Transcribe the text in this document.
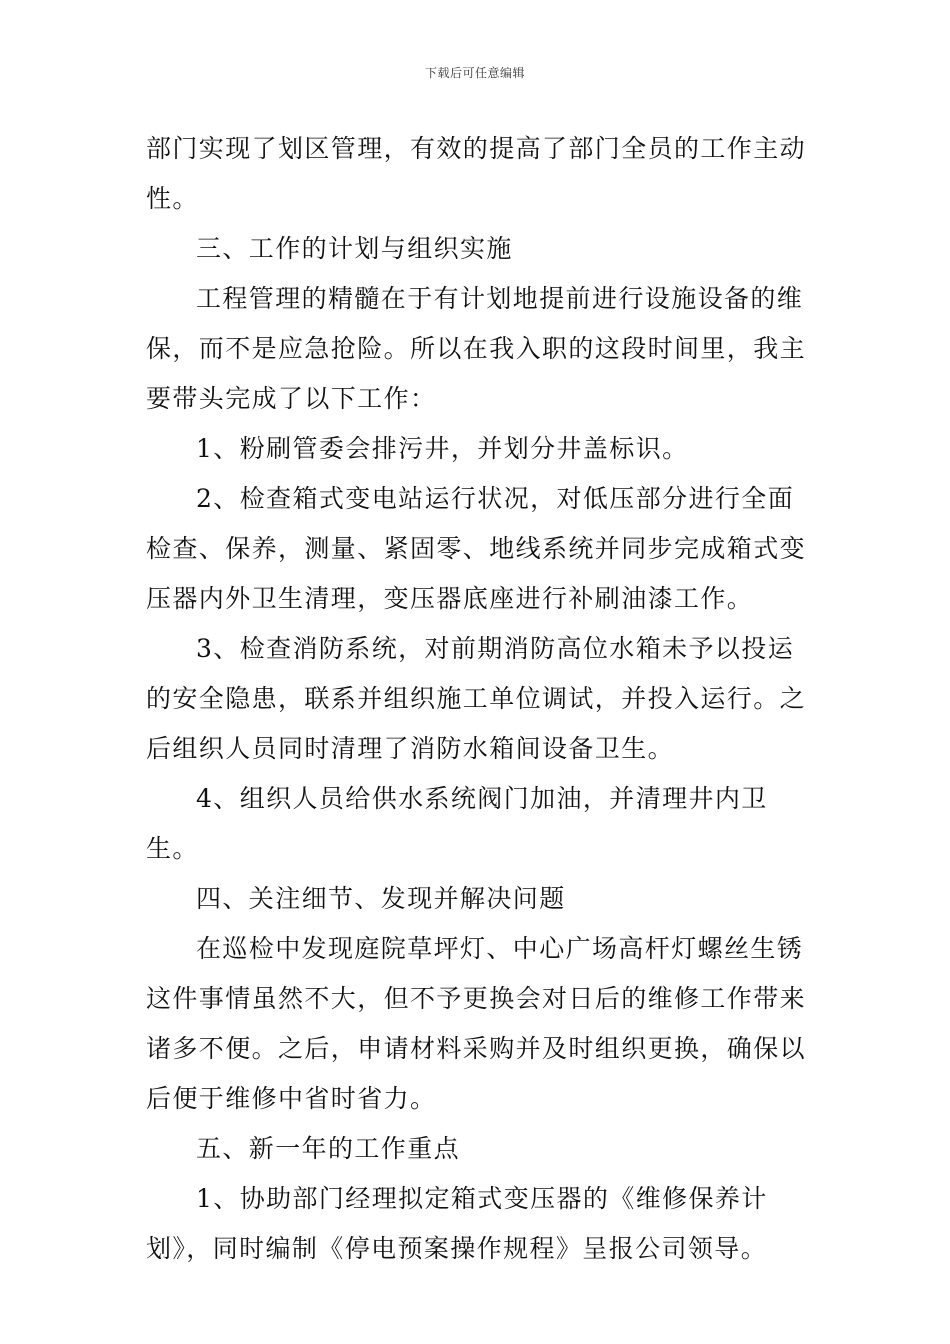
下载后可任意编辑

部门实现了划区管理，有效的提高了部门全员的工作主动性。

三、工作的计划与组织实施

工程管理的精髓在于有计划地提前进行设施设备的维保，而不是应急抢险。所以在我入职的这段时间里，我主要带头完成了以下工作：

1、粉刷管委会排污井，并划分井盖标识。

2、检查箱式变电站运行状况，对低压部分进行全面检查、保养，测量、紧固零、地线系统并同步完成箱式变压器内外卫生清理，变压器底座进行补刷油漆工作。

3、检查消防系统，对前期消防高位水箱未予以投运的安全隐患，联系并组织施工单位调试，并投入运行。之后组织人员同时清理了消防水箱间设备卫生。

4、组织人员给供水系统阀门加油，并清理井内卫生。

四、关注细节、发现并解决问题

在巡检中发现庭院草坪灯、中心广场高杆灯螺丝生锈这件事情虽然不大，但不予更换会对日后的维修工作带来诸多不便。之后，申请材料采购并及时组织更换，确保以后便于维修中省时省力。

五、新一年的工作重点

1、协助部门经理拟定箱式变压器的《维修保养计划》，同时编制《停电预案操作规程》呈报公司领导。
